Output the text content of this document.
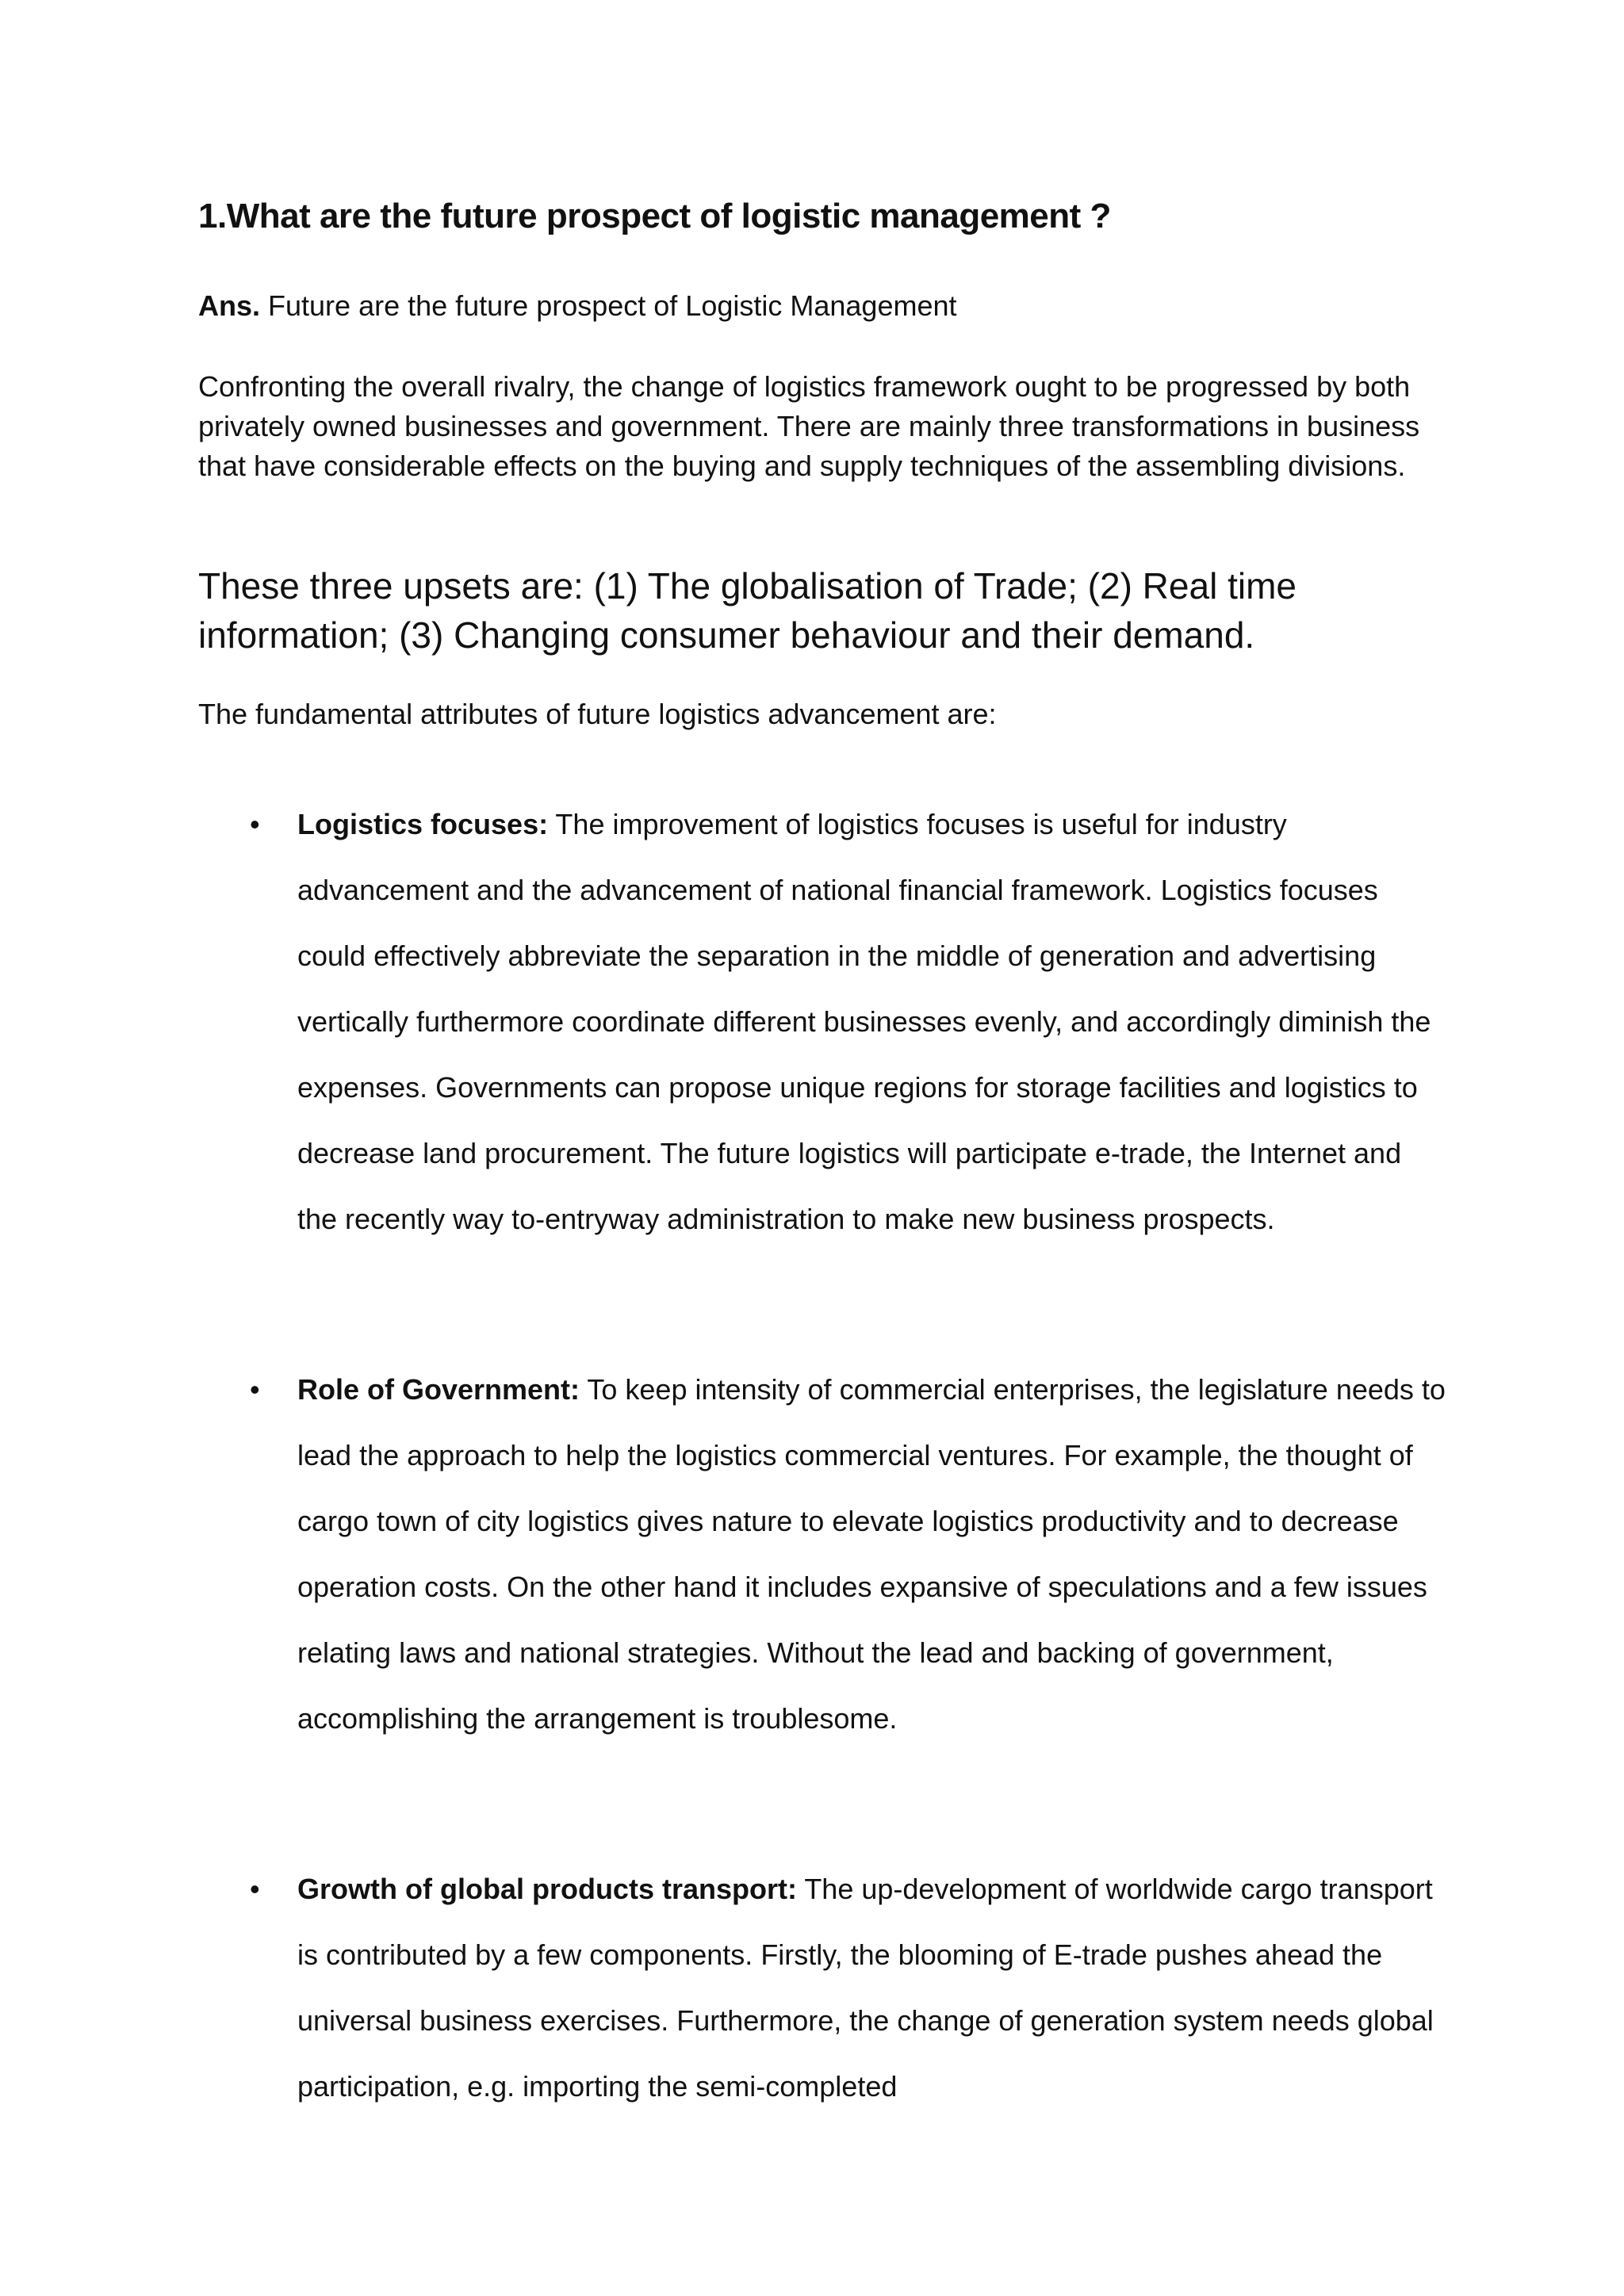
1.What are the future prospect of logistic management ?
Ans. Future are the future prospect of Logistic Management
Confronting the overall rivalry, the change of logistics framework ought to be progressed by both privately owned businesses and government. There are mainly three transformations in business that have considerable effects on the buying and supply techniques of the assembling divisions.
These three upsets are: (1) The globalisation of Trade; (2) Real time information; (3) Changing consumer behaviour and their demand.
The fundamental attributes of future logistics advancement are:
• Logistics focuses: The improvement of logistics focuses is useful for industry advancement and the advancement of national financial framework. Logistics focuses could effectively abbreviate the separation in the middle of generation and advertising vertically furthermore coordinate different businesses evenly, and accordingly diminish the expenses. Governments can propose unique regions for storage facilities and logistics to decrease land procurement. The future logistics will participate e-trade, the Internet and the recently way to-entryway administration to make new business prospects.
• Role of Government: To keep intensity of commercial enterprises, the legislature needs to lead the approach to help the logistics commercial ventures. For example, the thought of cargo town of city logistics gives nature to elevate logistics productivity and to decrease operation costs. On the other hand it includes expansive of speculations and a few issues relating laws and national strategies. Without the lead and backing of government, accomplishing the arrangement is troublesome.
• Growth of global products transport: The up-development of worldwide cargo transport is contributed by a few components. Firstly, the blooming of E-trade pushes ahead the universal business exercises. Furthermore, the change of generation system needs global participation, e.g. importing the semi-completed
